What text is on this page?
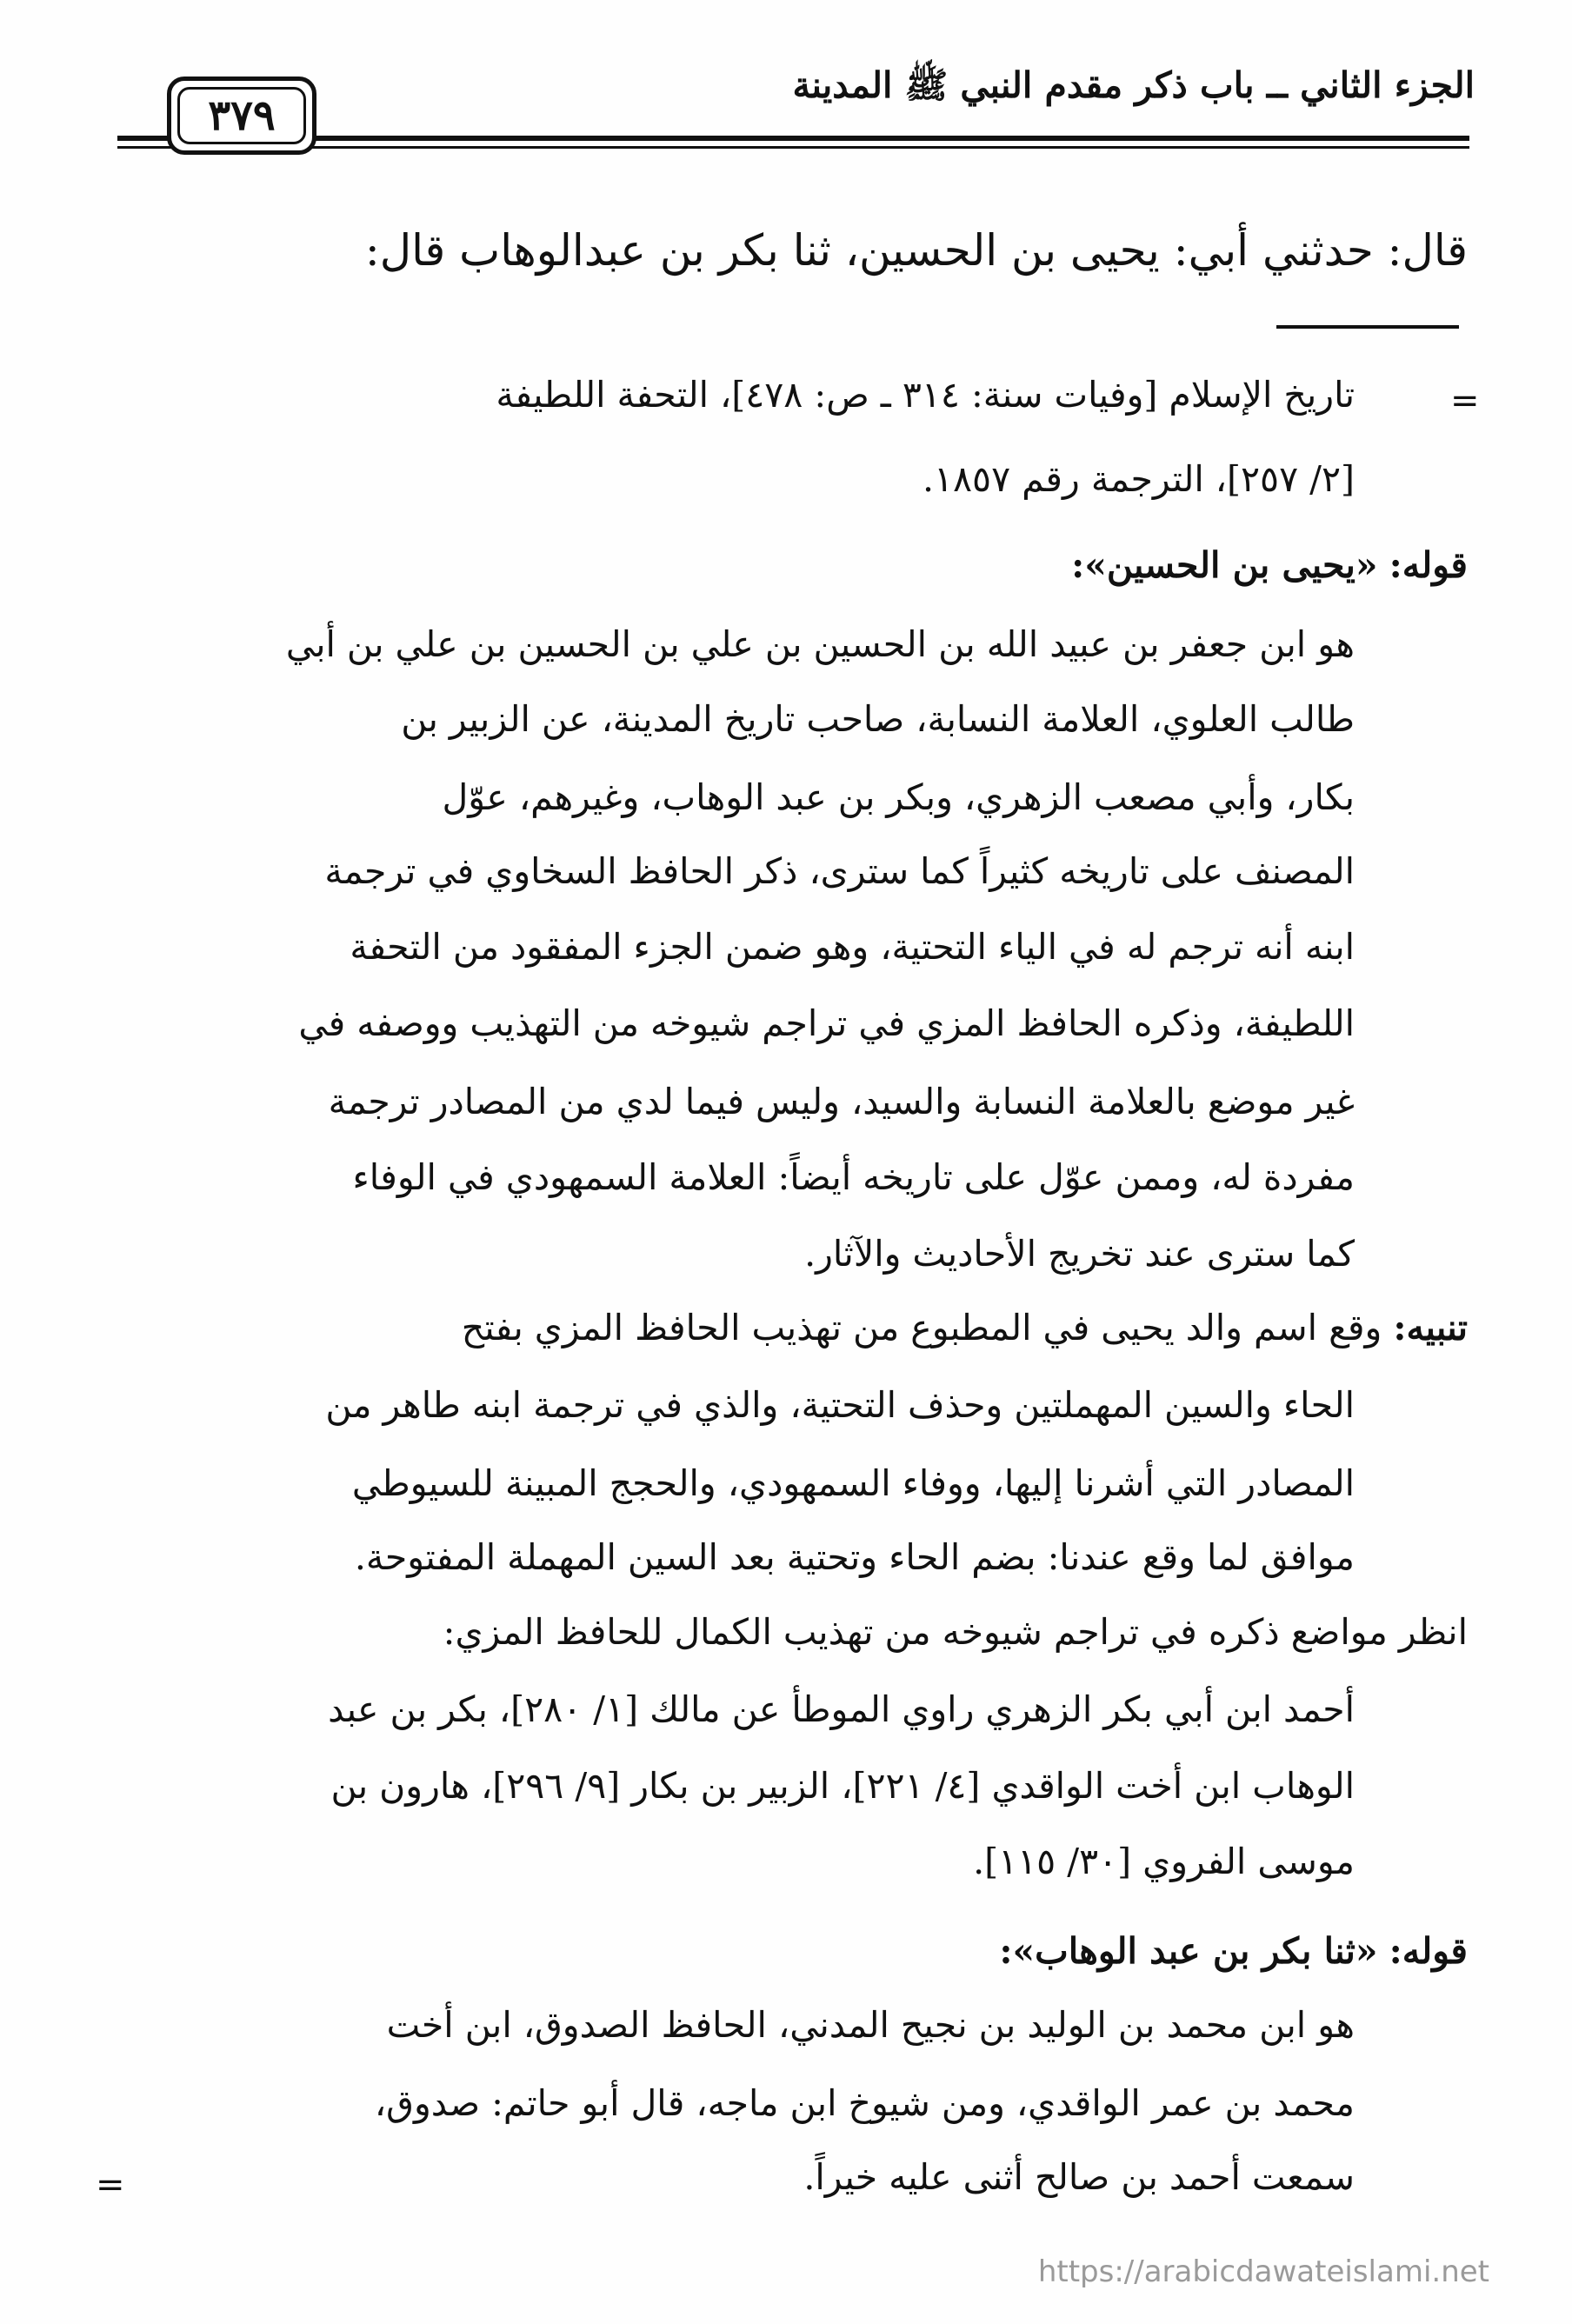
الجزء الثاني ــ باب ذكر مقدم النبي ﷺ المدينة
٣٧٩
قال: حدثني أبي: يحيى بن الحسين، ثنا بكر بن عبدالوهاب قال:
=
تاريخ الإسلام [وفيات سنة: ٣١٤ ـ ص: ٤٧٨]، التحفة اللطيفة
[٢/ ٢٥٧]، الترجمة رقم ١٨٥٧.
قوله: «يحيى بن الحسين»:
هو ابن جعفر بن عبيد الله بن الحسين بن علي بن الحسين بن علي بن أبي
طالب العلوي، العلامة النسابة، صاحب تاريخ المدينة، عن الزبير بن
بكار، وأبي مصعب الزهري، وبكر بن عبد الوهاب، وغيرهم، عوّل
المصنف على تاريخه كثيراً كما سترى، ذكر الحافظ السخاوي في ترجمة
ابنه أنه ترجم له في الياء التحتية، وهو ضمن الجزء المفقود من التحفة
اللطيفة، وذكره الحافظ المزي في تراجم شيوخه من التهذيب ووصفه في
غير موضع بالعلامة النسابة والسيد، وليس فيما لدي من المصادر ترجمة
مفردة له، وممن عوّل على تاريخه أيضاً: العلامة السمهودي في الوفاء
كما سترى عند تخريج الأحاديث والآثار.
تنبيه: وقع اسم والد يحيى في المطبوع من تهذيب الحافظ المزي بفتح
الحاء والسين المهملتين وحذف التحتية، والذي في ترجمة ابنه طاهر من
المصادر التي أشرنا إليها، ووفاء السمهودي، والحجج المبينة للسيوطي
موافق لما وقع عندنا: بضم الحاء وتحتية بعد السين المهملة المفتوحة.
انظر مواضع ذكره في تراجم شيوخه من تهذيب الكمال للحافظ المزي:
أحمد ابن أبي بكر الزهري راوي الموطأ عن مالك [١/ ٢٨٠]، بكر بن عبد
الوهاب ابن أخت الواقدي [٤/ ٢٢١]، الزبير بن بكار [٩/ ٢٩٦]، هارون بن
موسى الفروي [٣٠/ ١١٥].
قوله: «ثنا بكر بن عبد الوهاب»:
هو ابن محمد بن الوليد بن نجيح المدني، الحافظ الصدوق، ابن أخت
محمد بن عمر الواقدي، ومن شيوخ ابن ماجه، قال أبو حاتم: صدوق،
سمعت أحمد بن صالح أثنى عليه خيراً.
=
https://arabicdawateislami.net
